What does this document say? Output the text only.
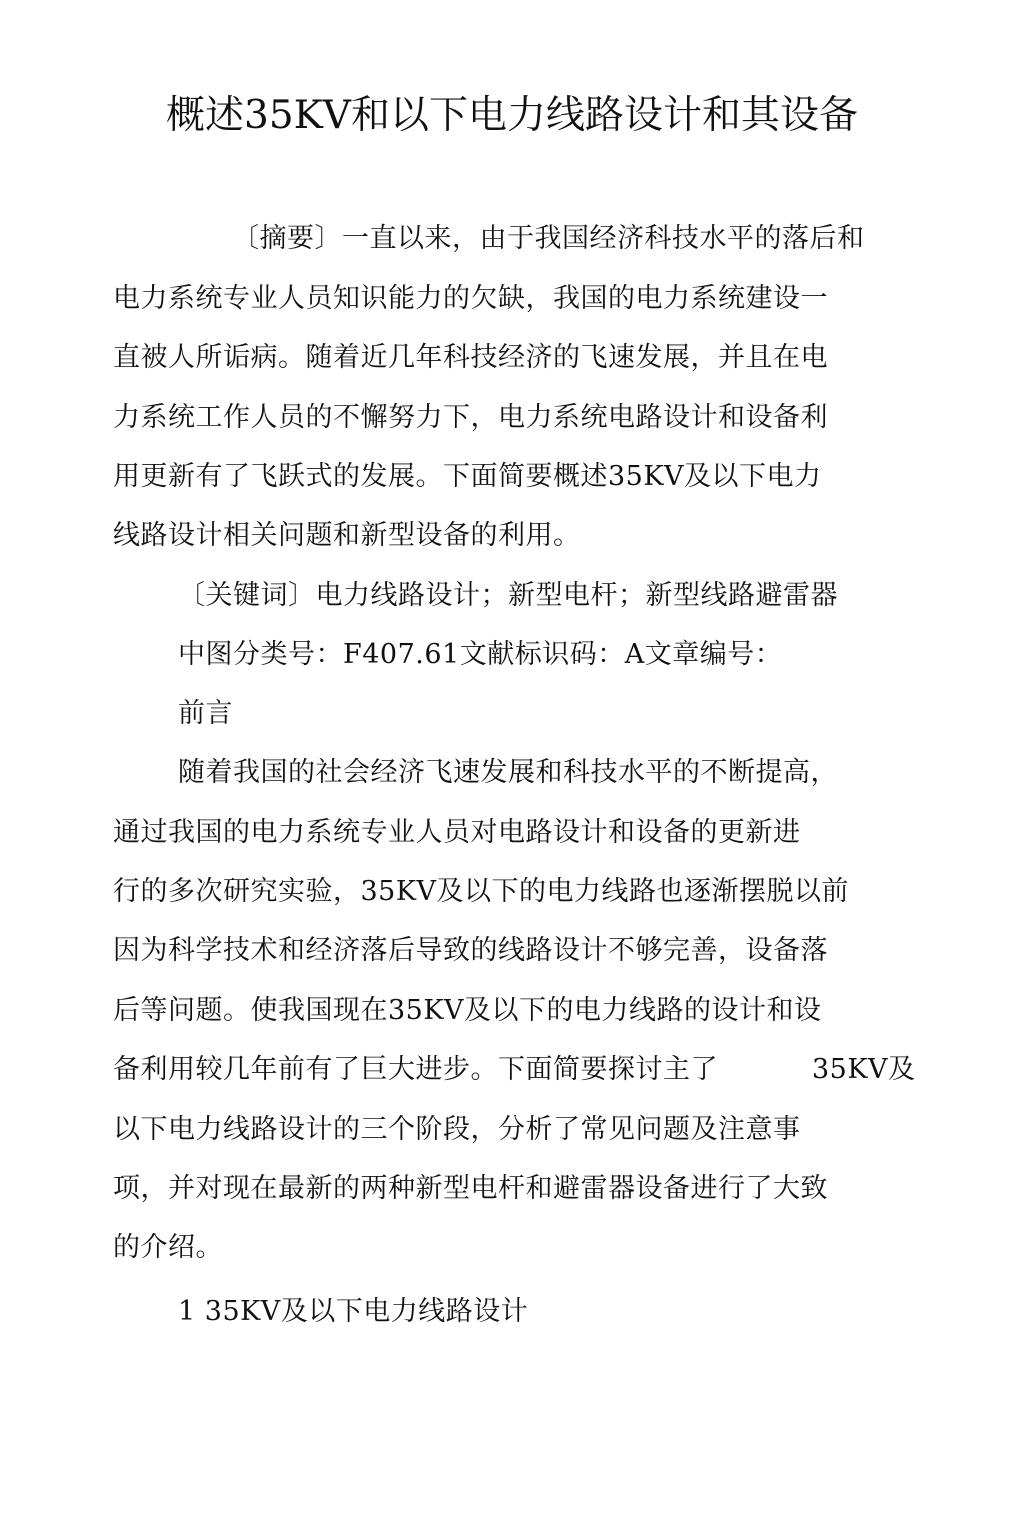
概述35KV和以下电力线路设计和其设备
〔摘要〕一直以来，由于我国经济科技水平的落后和
电力系统专业人员知识能力的欠缺，我国的电力系统建设一
直被人所诟病。随着近几年科技经济的飞速发展，并且在电
力系统工作人员的不懈努力下，电力系统电路设计和设备利
用更新有了飞跃式的发展。下面简要概述35KV及以下电力
线路设计相关问题和新型设备的利用。
〔关键词〕电力线路设计；新型电杆；新型线路避雷器
中图分类号：F407.61文献标识码：A文章编号：
前言
随着我国的社会经济飞速发展和科技水平的不断提高，
通过我国的电力系统专业人员对电路设计和设备的更新进
行的多次研究实验，35KV及以下的电力线路也逐渐摆脱以前
因为科学技术和经济落后导致的线路设计不够完善，设备落
后等问题。使我国现在35KV及以下的电力线路的设计和设
备利用较几年前有了巨大进步。下面简要探讨主了	35KV及
以下电力线路设计的三个阶段，分析了常见问题及注意事
项，并对现在最新的两种新型电杆和避雷器设备进行了大致
的介绍。
1 35KV及以下电力线路设计
